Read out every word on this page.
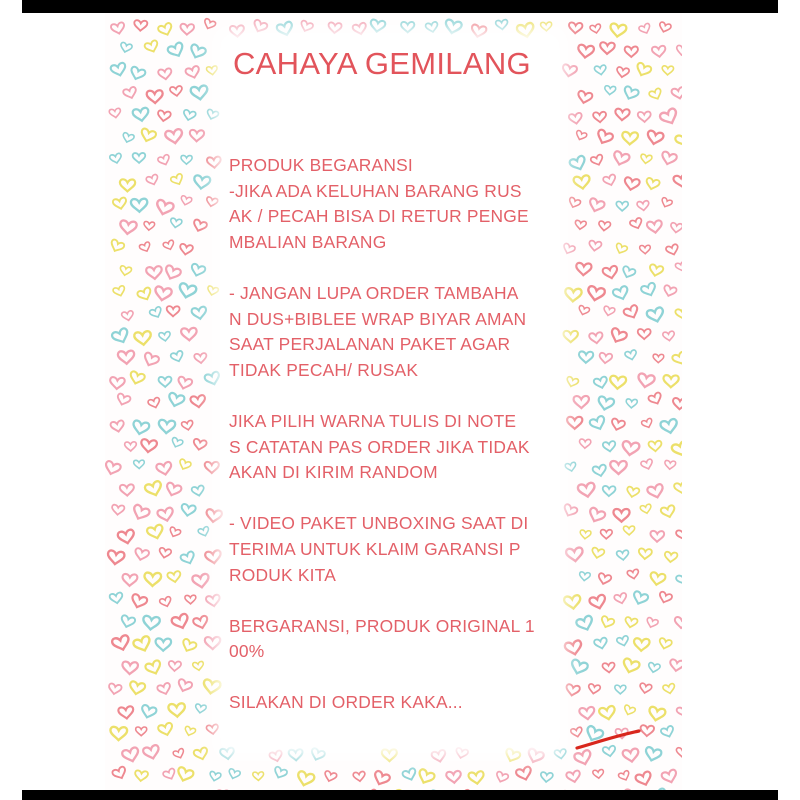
CAHAYA GEMILANG
PRODUK BEGARANSI
-JIKA ADA KELUHAN BARANG RUS
AK / PECAH BISA DI RETUR PENGE
MBALIAN BARANG
- JANGAN LUPA ORDER TAMBAHA
N DUS+BIBLEE WRAP BIYAR AMAN
SAAT PERJALANAN PAKET AGAR
TIDAK PECAH/ RUSAK
JIKA PILIH WARNA TULIS DI NOTE
S CATATAN PAS ORDER JIKA TIDAK
AKAN DI KIRIM RANDOM
- VIDEO PAKET UNBOXING SAAT DI
TERIMA UNTUK KLAIM GARANSI P
RODUK KITA
BERGARANSI, PRODUK ORIGINAL 1
00%
SILAKAN DI ORDER KAKA...
